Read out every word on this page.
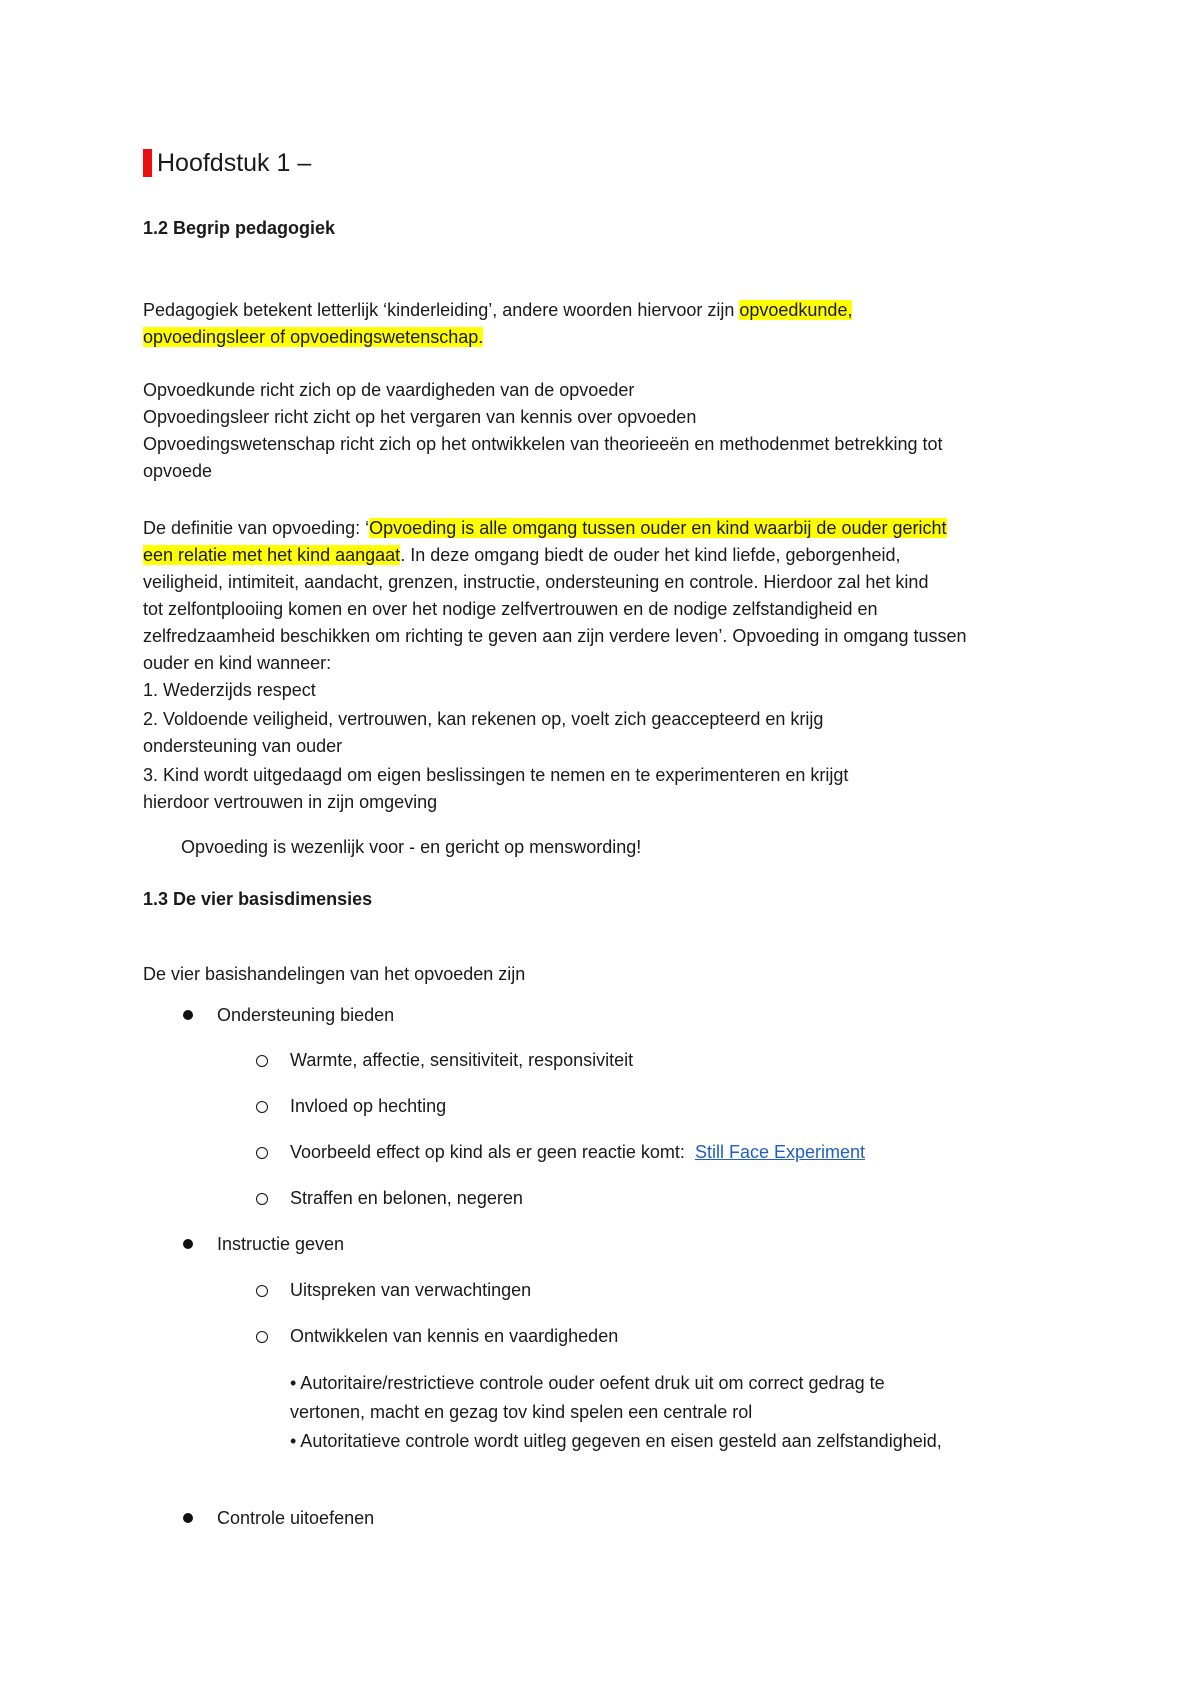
Hoofdstuk 1 –

1.2 Begrip pedagogiek

Pedagogiek betekent letterlijk ‘kinderleiding’, andere woorden hiervoor zijn opvoedkunde,

opvoedingsleer of opvoedingswetenschap.

Opvoedkunde richt zich op de vaardigheden van de opvoeder

Opvoedingsleer richt zicht op het vergaren van kennis over opvoeden

Opvoedingswetenschap richt zich op het ontwikkelen van theorieeën en methodenmet betrekking tot

opvoede

De definitie van opvoeding: ‘Opvoeding is alle omgang tussen ouder en kind waarbij de ouder gericht

een relatie met het kind aangaat. In deze omgang biedt de ouder het kind liefde, geborgenheid,

veiligheid, intimiteit, aandacht, grenzen, instructie, ondersteuning en controle. Hierdoor zal het kind

tot zelfontplooiing komen en over het nodige zelfvertrouwen en de nodige zelfstandigheid en

zelfredzaamheid beschikken om richting te geven aan zijn verdere leven’. Opvoeding in omgang tussen

ouder en kind wanneer:

1. Wederzijds respect

2. Voldoende veiligheid, vertrouwen, kan rekenen op, voelt zich geaccepteerd en krijg

ondersteuning van ouder

3. Kind wordt uitgedaagd om eigen beslissingen te nemen en te experimenteren en krijgt

hierdoor vertrouwen in zijn omgeving

Opvoeding is wezenlijk voor - en gericht op menswording!

1.3 De vier basisdimensies

De vier basishandelingen van het opvoeden zijn

Ondersteuning bieden

Warmte, affectie, sensitiviteit, responsiviteit

Invloed op hechting

Voorbeeld effect op kind als er geen reactie komt: Still Face Experiment

Straffen en belonen, negeren

Instructie geven

Uitspreken van verwachtingen

Ontwikkelen van kennis en vaardigheden

• Autoritaire/restrictieve controle ouder oefent druk uit om correct gedrag te

vertonen, macht en gezag tov kind spelen een centrale rol

• Autoritatieve controle wordt uitleg gegeven en eisen gesteld aan zelfstandigheid,

Controle uitoefenen
